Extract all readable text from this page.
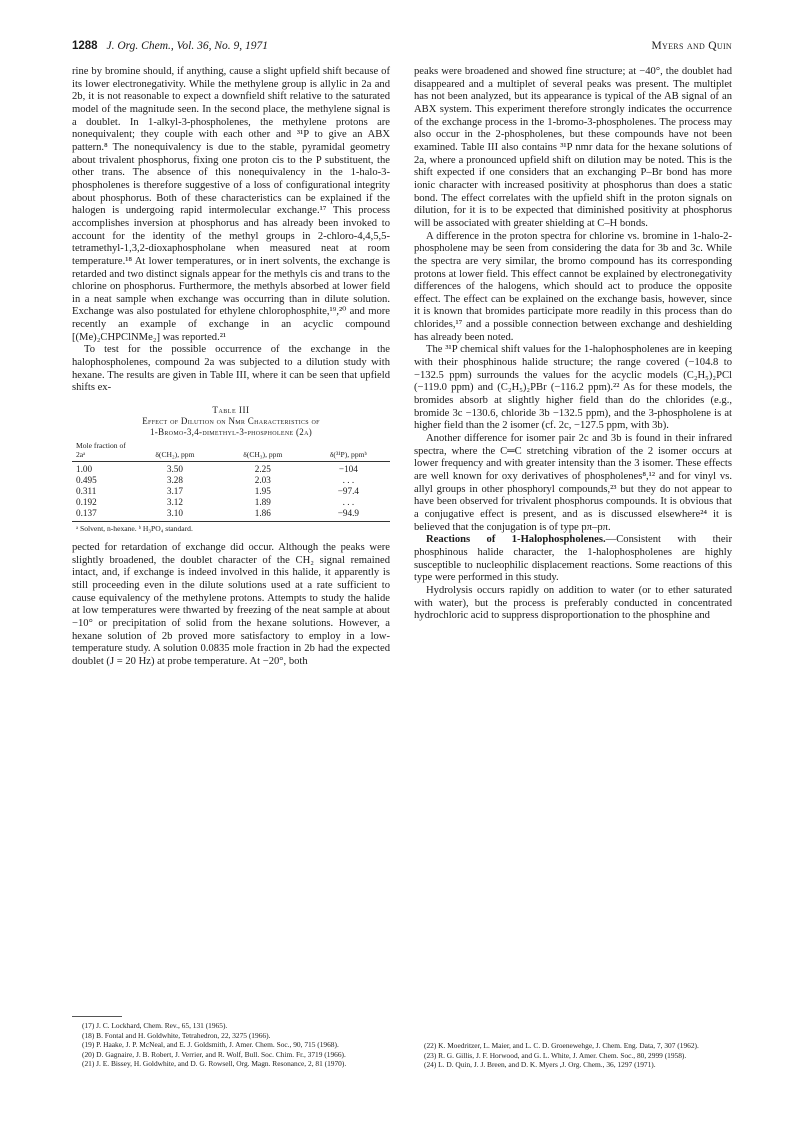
1288 J. Org. Chem., Vol. 36, No. 9, 1971	Myers and Quin

rine by bromine should, if anything, cause a slight upfield shift because of its lower electronegativity. While the methylene group is allylic in 2a and 2b, it is not reasonable to expect a downfield shift relative to the saturated model of the magnitude seen. In the second place, the methylene signal is a doublet. In 1-alkyl-3-phospholenes, the methylene protons are nonequivalent; they couple with each other and ³¹P to give an ABX pattern.⁸ The nonequivalency is due to the stable, pyramidal geometry about trivalent phosphorus, fixing one proton cis to the P substituent, the other trans. The absence of this nonequivalency in the 1-halo-3-phospholenes is therefore suggestive of a loss of configurational integrity about phosphorus. Both of these characteristics can be explained if the halogen is undergoing rapid intermolecular exchange.¹⁷ This process accomplishes inversion at phosphorus and has already been invoked to account for the identity of the methyl groups in 2-chloro-4,4,5,5-tetramethyl-1,3,2-dioxaphospholane when measured neat at room temperature.¹⁸ At lower temperatures, or in inert solvents, the exchange is retarded and two distinct signals appear for the methyls cis and trans to the chlorine on phosphorus. Furthermore, the methyls absorbed at lower field in a neat sample when exchange was occurring than in dilute solution. Exchange was also postulated for ethylene chlorophosphite,¹⁹,²⁰ and more recently an example of exchange in an acyclic compound [(Me)₂CHPClNMe₂] was reported.²¹

To test for the possible occurrence of the exchange in the halophospholenes, compound 2a was subjected to a dilution study with hexane. The results are given in Table III, where it can be seen that upfield shifts ex-

Table III
Effect of Dilution on Nmr Characteristics of
1-Bromo-3,4-dimethyl-3-phospholene (2a)
Mole fraction of 2aᵃ	δ(CH₂), ppm	δ(CH₃), ppm	δ(³¹P), ppmᵇ
1.00	3.50	2.25	−104
0.495	3.28	2.03	. . .
0.311	3.17	1.95	−97.4
0.192	3.12	1.89	. . .
0.137	3.10	1.86	−94.9
ᵃ Solvent, n-hexane. ᵇ H₃PO₄ standard.

pected for retardation of exchange did occur. Although the peaks were slightly broadened, the doublet character of the CH₂ signal remained intact, and, if exchange is indeed involved in this halide, it apparently is still proceeding even in the dilute solutions used at a rate sufficient to cause equivalency of the methylene protons. Attempts to study the halide at low temperatures were thwarted by freezing of the neat sample at about −10° or precipitation of solid from the hexane solutions. However, a hexane solution of 2b proved more satisfactory to employ in a low-temperature study. A solution 0.0835 mole fraction in 2b had the expected doublet (J = 20 Hz) at probe temperature. At −20°, both

peaks were broadened and showed fine structure; at −40°, the doublet had disappeared and a multiplet of several peaks was present. The multiplet has not been analyzed, but its appearance is typical of the AB signal of an ABX system. This experiment therefore strongly indicates the occurrence of the exchange process in the 1-bromo-3-phospholenes. The process may also occur in the 2-phospholenes, but these compounds have not been examined. Table III also contains ³¹P nmr data for the hexane solutions of 2a, where a pronounced upfield shift on dilution may be noted. This is the shift expected if one considers that an exchanging P–Br bond has more ionic character with increased positivity at phosphorus than does a static bond. The effect correlates with the upfield shift in the proton signals on dilution, for it is to be expected that diminished positivity at phosphorus will be associated with greater shielding at C–H bonds.

A difference in the proton spectra for chlorine vs. bromine in 1-halo-2-phospholene may be seen from considering the data for 3b and 3c. While the spectra are very similar, the bromo compound has its corresponding protons at lower field. This effect cannot be explained by electronegativity differences of the halogens, which should act to produce the opposite effect. The effect can be explained on the exchange basis, however, since it is known that bromides participate more readily in this process than do chlorides,¹⁷ and a possible connection between exchange and deshielding has already been noted.

The ³¹P chemical shift values for the 1-halophospholenes are in keeping with their phosphinous halide structure; the range covered (−104.8 to −132.5 ppm) surrounds the values for the acyclic models (C₂H₅)₂PCl (−119.0 ppm) and (C₂H₅)₂PBr (−116.2 ppm).²² As for these models, the bromides absorb at slightly higher field than do the chlorides (e.g., bromide 3c −130.6, chloride 3b −132.5 ppm), and the 3-phospholene is at higher field than the 2 isomer (cf. 2c, −127.5 ppm, with 3b).

Another difference for isomer pair 2c and 3b is found in their infrared spectra, where the C═C stretching vibration of the 2 isomer occurs at lower frequency and with greater intensity than the 3 isomer. These effects are well known for oxy derivatives of phospholenes⁸,¹² and for vinyl vs. allyl groups in other phosphoryl compounds,²³ but they do not appear to have been observed for trivalent phosphorus compounds. It is obvious that a conjugative effect is present, and as is discussed elsewhere²⁴ it is believed that the conjugation is of type pπ–pπ.

Reactions of 1-Halophospholenes.—Consistent with their phosphinous halide character, the 1-halophospholenes are highly susceptible to nucleophilic displacement reactions. Some reactions of this type were performed in this study.

Hydrolysis occurs rapidly on addition to water (or to ether saturated with water), but the process is preferably conducted in concentrated hydrochloric acid to suppress disproportionation to the phosphine and

(17) J. C. Lockhard, Chem. Rev., 65, 131 (1965).
(18) B. Fontal and H. Goldwhite, Tetrahedron, 22, 3275 (1966).
(19) P. Haake, J. P. McNeal, and E. J. Goldsmith, J. Amer. Chem. Soc., 90, 715 (1968).
(20) D. Gagnaire, J. B. Robert, J. Verrier, and R. Wolf, Bull. Soc. Chim. Fr., 3719 (1966).
(21) J. E. Bissey, H. Goldwhite, and D. G. Rowsell, Org. Magn. Resonance, 2, 81 (1970).
(22) K. Moedritzer, L. Maier, and L. C. D. Groenewehge, J. Chem. Eng. Data, 7, 307 (1962).
(23) R. G. Gillis, J. F. Horwood, and G. L. White, J. Amer. Chem. Soc., 80, 2999 (1958).
(24) L. D. Quin, J. J. Breen, and D. K. Myers ,J. Org. Chem., 36, 1297 (1971).
